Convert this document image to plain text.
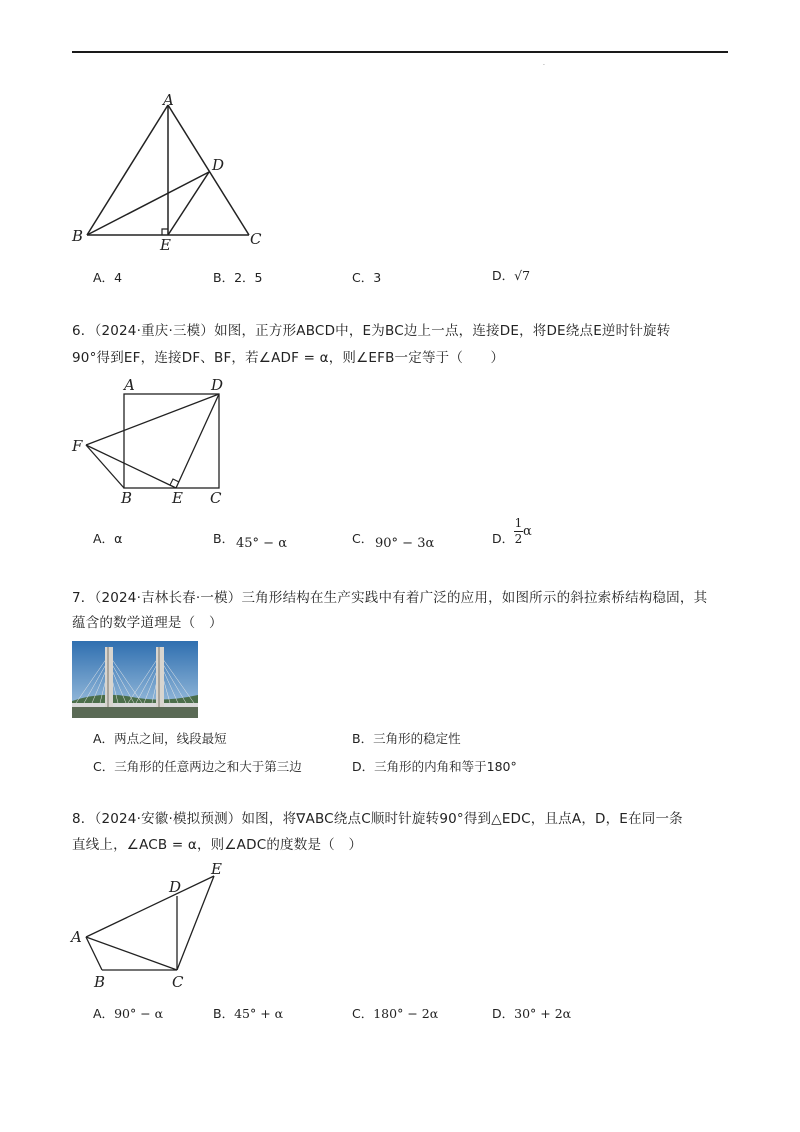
·
A
D
B	E	C
A．4	B．2．5	C．3	D．√7
6．（2024·重庆·三模）如图，正方形ABCD中，E为BC边上一点，连接DE，将DE绕点E逆时针旋转
90°得到EF，连接DF、BF，若∠ADF = α，则∠EFB一定等于（　　）
A	D
F
B	E C
A．α	B． 45° − α	C． 90° − 3α	D． $\frac{1}{2}$ α
7．（2024·吉林长春·一模）三角形结构在生产实践中有着广泛的应用，如图所示的斜拉索桥结构稳固，其
蕴含的数学道理是（　）
A．两点之间，线段最短	B．三角形的稳定性
C．三角形的任意两边之和大于第三边	D．三角形的内角和等于180°
8．（2024·安徽·模拟预测）如图，将∇ABC绕点C顺时针旋转90°得到△EDC，且点A，D，E在同一条
直线上，∠ACB = α，则∠ADC的度数是（　）
D
E
A
B	C
A．90° − α	B．45° + α	C．180° − 2α	D．30° + 2α
